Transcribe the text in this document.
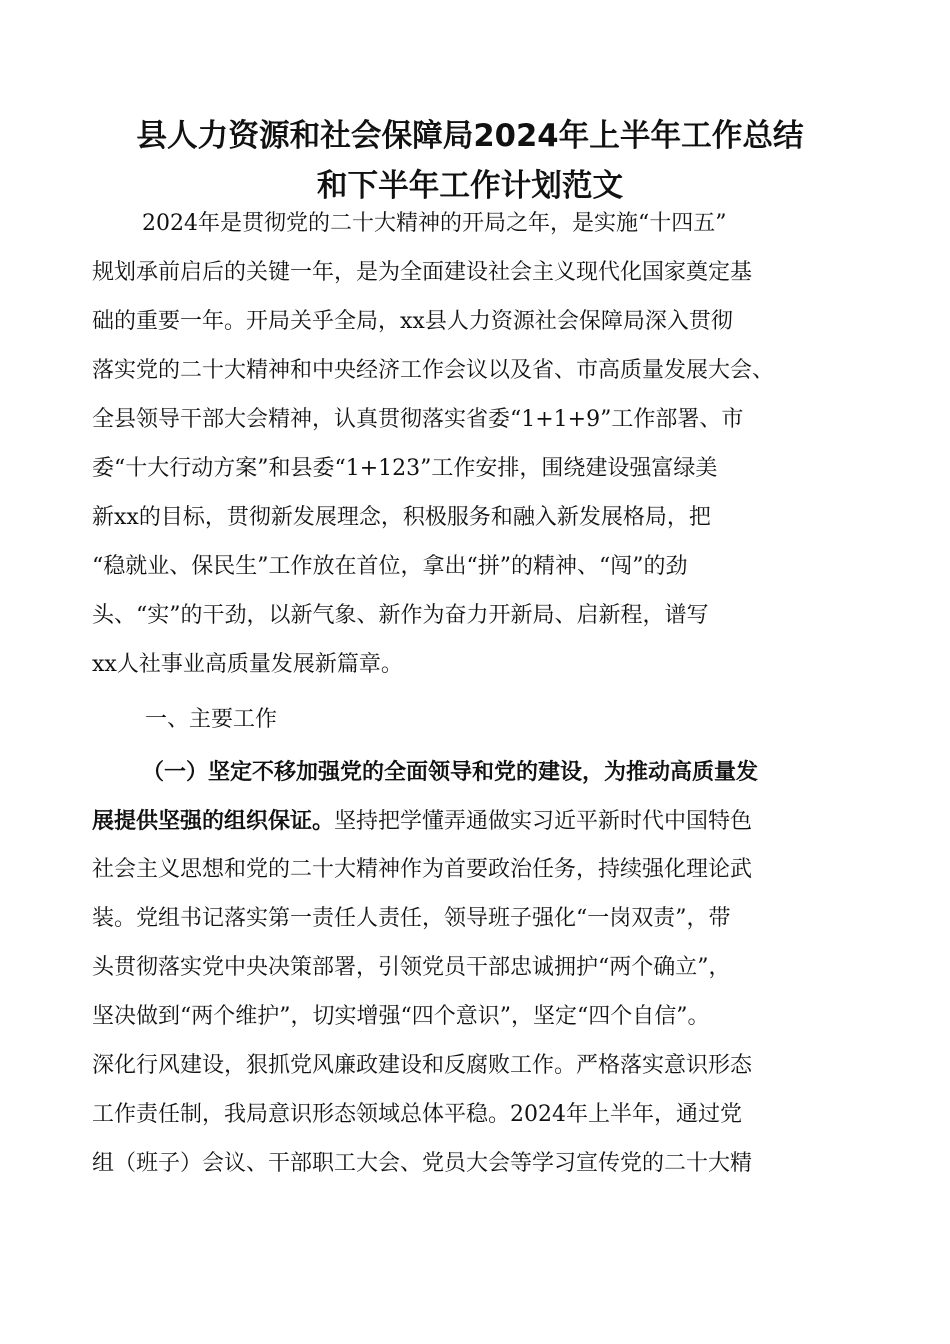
县人力资源和社会保障局2024年上半年工作总结
和下半年工作计划范文
2024年是贯彻党的二十大精神的开局之年，是实施“十四五”
规划承前启后的关键一年，是为全面建设社会主义现代化国家奠定基
础的重要一年。开局关乎全局，xx县人力资源社会保障局深入贯彻
落实党的二十大精神和中央经济工作会议以及省、市高质量发展大会、
全县领导干部大会精神，认真贯彻落实省委“1+1+9”工作部署、市
委“十大行动方案”和县委“1+123”工作安排，围绕建设强富绿美
新xx的目标，贯彻新发展理念，积极服务和融入新发展格局，把
“稳就业、保民生”工作放在首位，拿出“拼”的精神、“闯”的劲
头、“实”的干劲，以新气象、新作为奋力开新局、启新程，谱写
xx人社事业高质量发展新篇章。
一、主要工作
（一）坚定不移加强党的全面领导和党的建设，为推动高质量发
展提供坚强的组织保证。坚持把学懂弄通做实习近平新时代中国特色
社会主义思想和党的二十大精神作为首要政治任务，持续强化理论武
装。党组书记落实第一责任人责任，领导班子强化“一岗双责”，带
头贯彻落实党中央决策部署，引领党员干部忠诚拥护“两个确立”，
坚决做到“两个维护”，切实增强“四个意识”，坚定“四个自信”。
深化行风建设，狠抓党风廉政建设和反腐败工作。严格落实意识形态
工作责任制，我局意识形态领域总体平稳。2024年上半年，通过党
组（班子）会议、干部职工大会、党员大会等学习宣传党的二十大精
